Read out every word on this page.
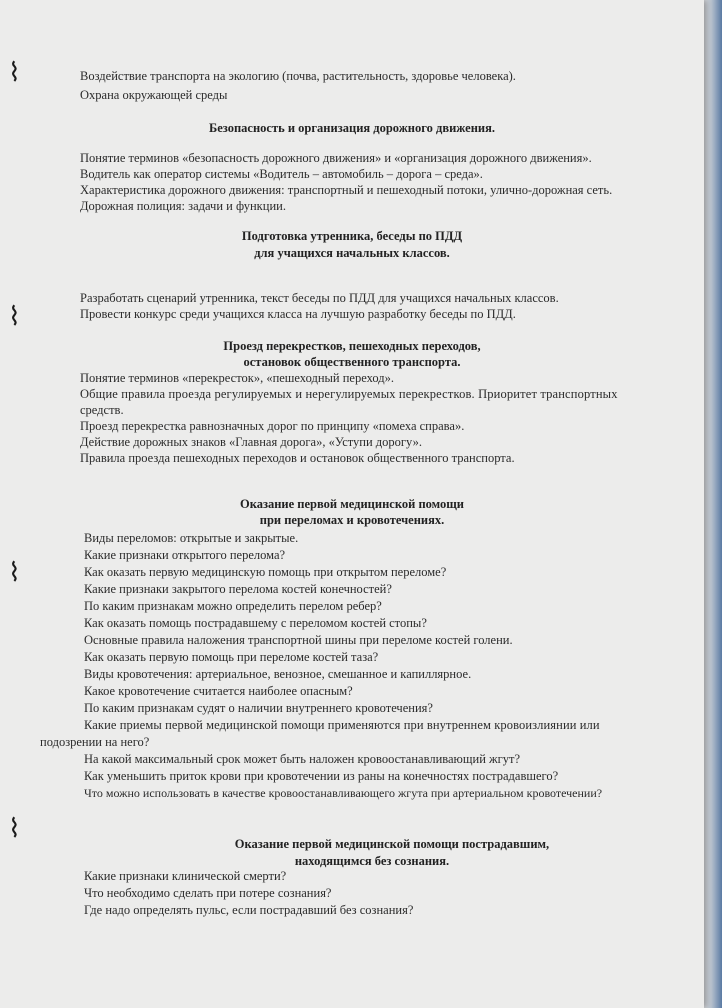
⌇
⌇
⌇
⌇
Воздействие транспорта на экологию (почва, растительность, здоровье человека).
Охрана окружающей среды
Безопасность и организация дорожного движения.
Понятие терминов «безопасность дорожного движения» и «организация дорожного движения».
Водитель как оператор системы «Водитель – автомобиль – дорога – среда».
Характеристика дорожного движения: транспортный и пешеходный потоки, улично-дорожная сеть.
Дорожная полиция: задачи и функции.
Подготовка утренника, беседы по ПДД
для учащихся начальных классов.
Разработать сценарий утренника, текст беседы по ПДД для учащихся начальных классов.
Провести конкурс среди учащихся класса на лучшую разработку беседы по ПДД.
Проезд перекрестков, пешеходных переходов,
остановок общественного транспорта.
Понятие терминов «перекресток», «пешеходный переход».
Общие правила проезда регулируемых и нерегулируемых перекрестков. Приоритет транспортных
средств.
Проезд перекрестка равнозначных дорог по принципу «помеха справа».
Действие дорожных знаков «Главная дорога», «Уступи дорогу».
Правила проезда пешеходных переходов и остановок общественного транспорта.
Оказание первой медицинской помощи
при переломах и кровотечениях.
Виды переломов: открытые и закрытые.
Какие признаки открытого перелома?
Как оказать первую медицинскую помощь при открытом переломе?
Какие признаки закрытого перелома костей конечностей?
По каким признакам можно определить перелом ребер?
Как оказать помощь пострадавшему с переломом костей стопы?
Основные правила наложения транспортной шины при переломе костей голени.
Как оказать первую помощь при переломе костей таза?
Виды кровотечения: артериальное, венозное, смешанное и капиллярное.
Какое кровотечение считается наиболее опасным?
По каким признакам судят о наличии внутреннего кровотечения?
Какие приемы первой медицинской помощи применяются при внутреннем кровоизлиянии или
подозрении на него?
На какой максимальный срок может быть наложен кровоостанавливающий жгут?
Как уменьшить приток крови при кровотечении из раны на конечностях пострадавшего?
Что можно использовать в качестве кровоостанавливающего жгута при артериальном кровотечении?
Оказание первой медицинской помощи пострадавшим,
находящимся без сознания.
Какие признаки клинической смерти?
Что необходимо сделать при потере сознания?
Где надо определять пульс, если пострадавший без сознания?
